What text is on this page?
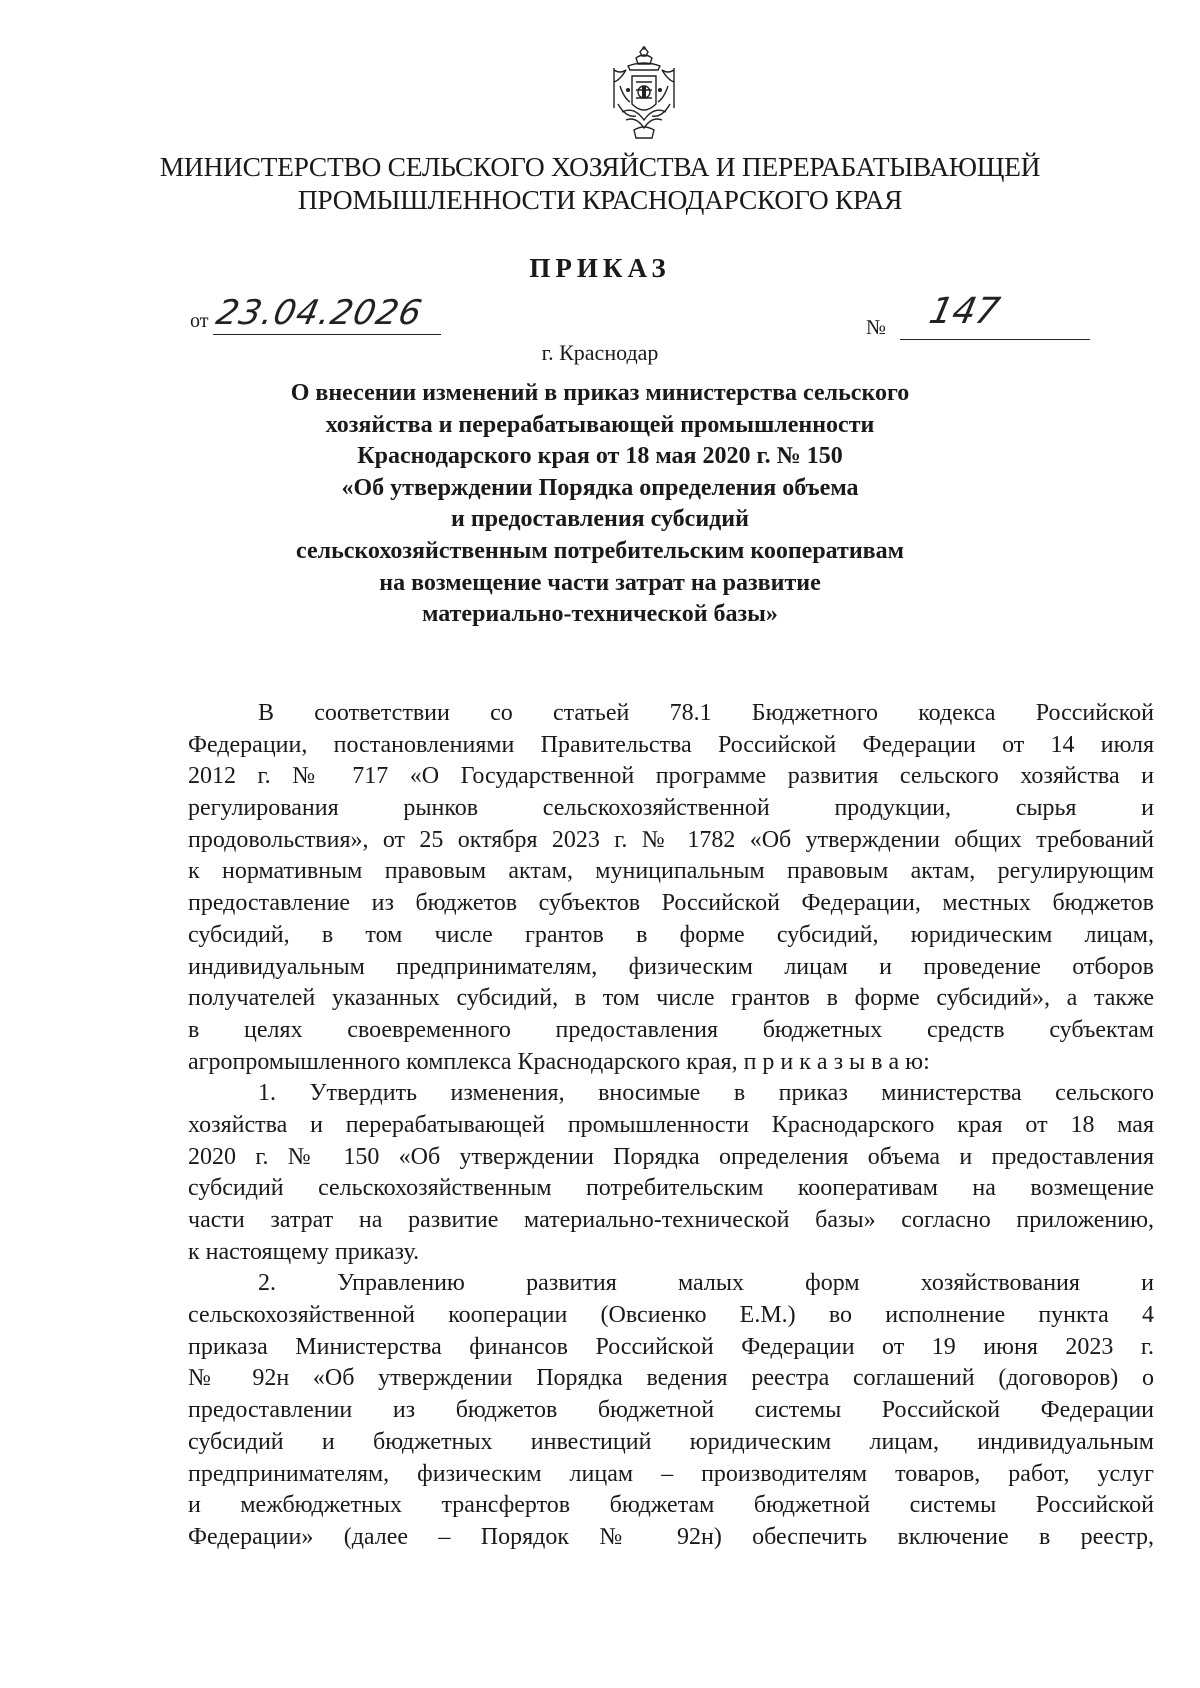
МИНИСТЕРСТВО СЕЛЬСКОГО ХОЗЯЙСТВА И ПЕРЕРАБАТЫВАЮЩЕЙ
ПРОМЫШЛЕННОСТИ КРАСНОДАРСКОГО КРАЯ
ПРИКАЗ
от 23.04.2026	№ 147
г. Краснодар
О внесении изменений в приказ министерства сельского
хозяйства и перерабатывающей промышленности
Краснодарского края от 18 мая 2020 г. № 150
«Об утверждении Порядка определения объема
и предоставления субсидий
сельскохозяйственным потребительским кооперативам
на возмещение части затрат на развитие
материально-технической базы»
В соответствии со статьей 78.1 Бюджетного кодекса Российской
Федерации, постановлениями Правительства Российской Федерации от 14 июля
2012 г. № 717 «О Государственной программе развития сельского хозяйства и
регулирования рынков сельскохозяйственной продукции, сырья и
продовольствия», от 25 октября 2023 г. № 1782 «Об утверждении общих требований
к нормативным правовым актам, муниципальным правовым актам, регулирующим
предоставление из бюджетов субъектов Российской Федерации, местных бюджетов
субсидий, в том числе грантов в форме субсидий, юридическим лицам,
индивидуальным предпринимателям, физическим лицам и проведение отборов
получателей указанных субсидий, в том числе грантов в форме субсидий», а также
в целях своевременного предоставления бюджетных средств субъектам
агропромышленного комплекса Краснодарского края, п р и к а з ы в а ю:
1. Утвердить изменения, вносимые в приказ министерства сельского
хозяйства и перерабатывающей промышленности Краснодарского края от 18 мая
2020 г. № 150 «Об утверждении Порядка определения объема и предоставления
субсидий сельскохозяйственным потребительским кооперативам на возмещение
части затрат на развитие материально-технической базы» согласно приложению,
к настоящему приказу.
2. Управлению развития малых форм хозяйствования и
сельскохозяйственной кооперации (Овсиенко Е.М.) во исполнение пункта 4
приказа Министерства финансов Российской Федерации от 19 июня 2023 г.
№ 92н «Об утверждении Порядка ведения реестра соглашений (договоров) о
предоставлении из бюджетов бюджетной системы Российской Федерации
субсидий и бюджетных инвестиций юридическим лицам, индивидуальным
предпринимателям, физическим лицам – производителям товаров, работ, услуг
и межбюджетных трансфертов бюджетам бюджетной системы Российской
Федерации» (далее – Порядок № 92н) обеспечить включение в реестр,
